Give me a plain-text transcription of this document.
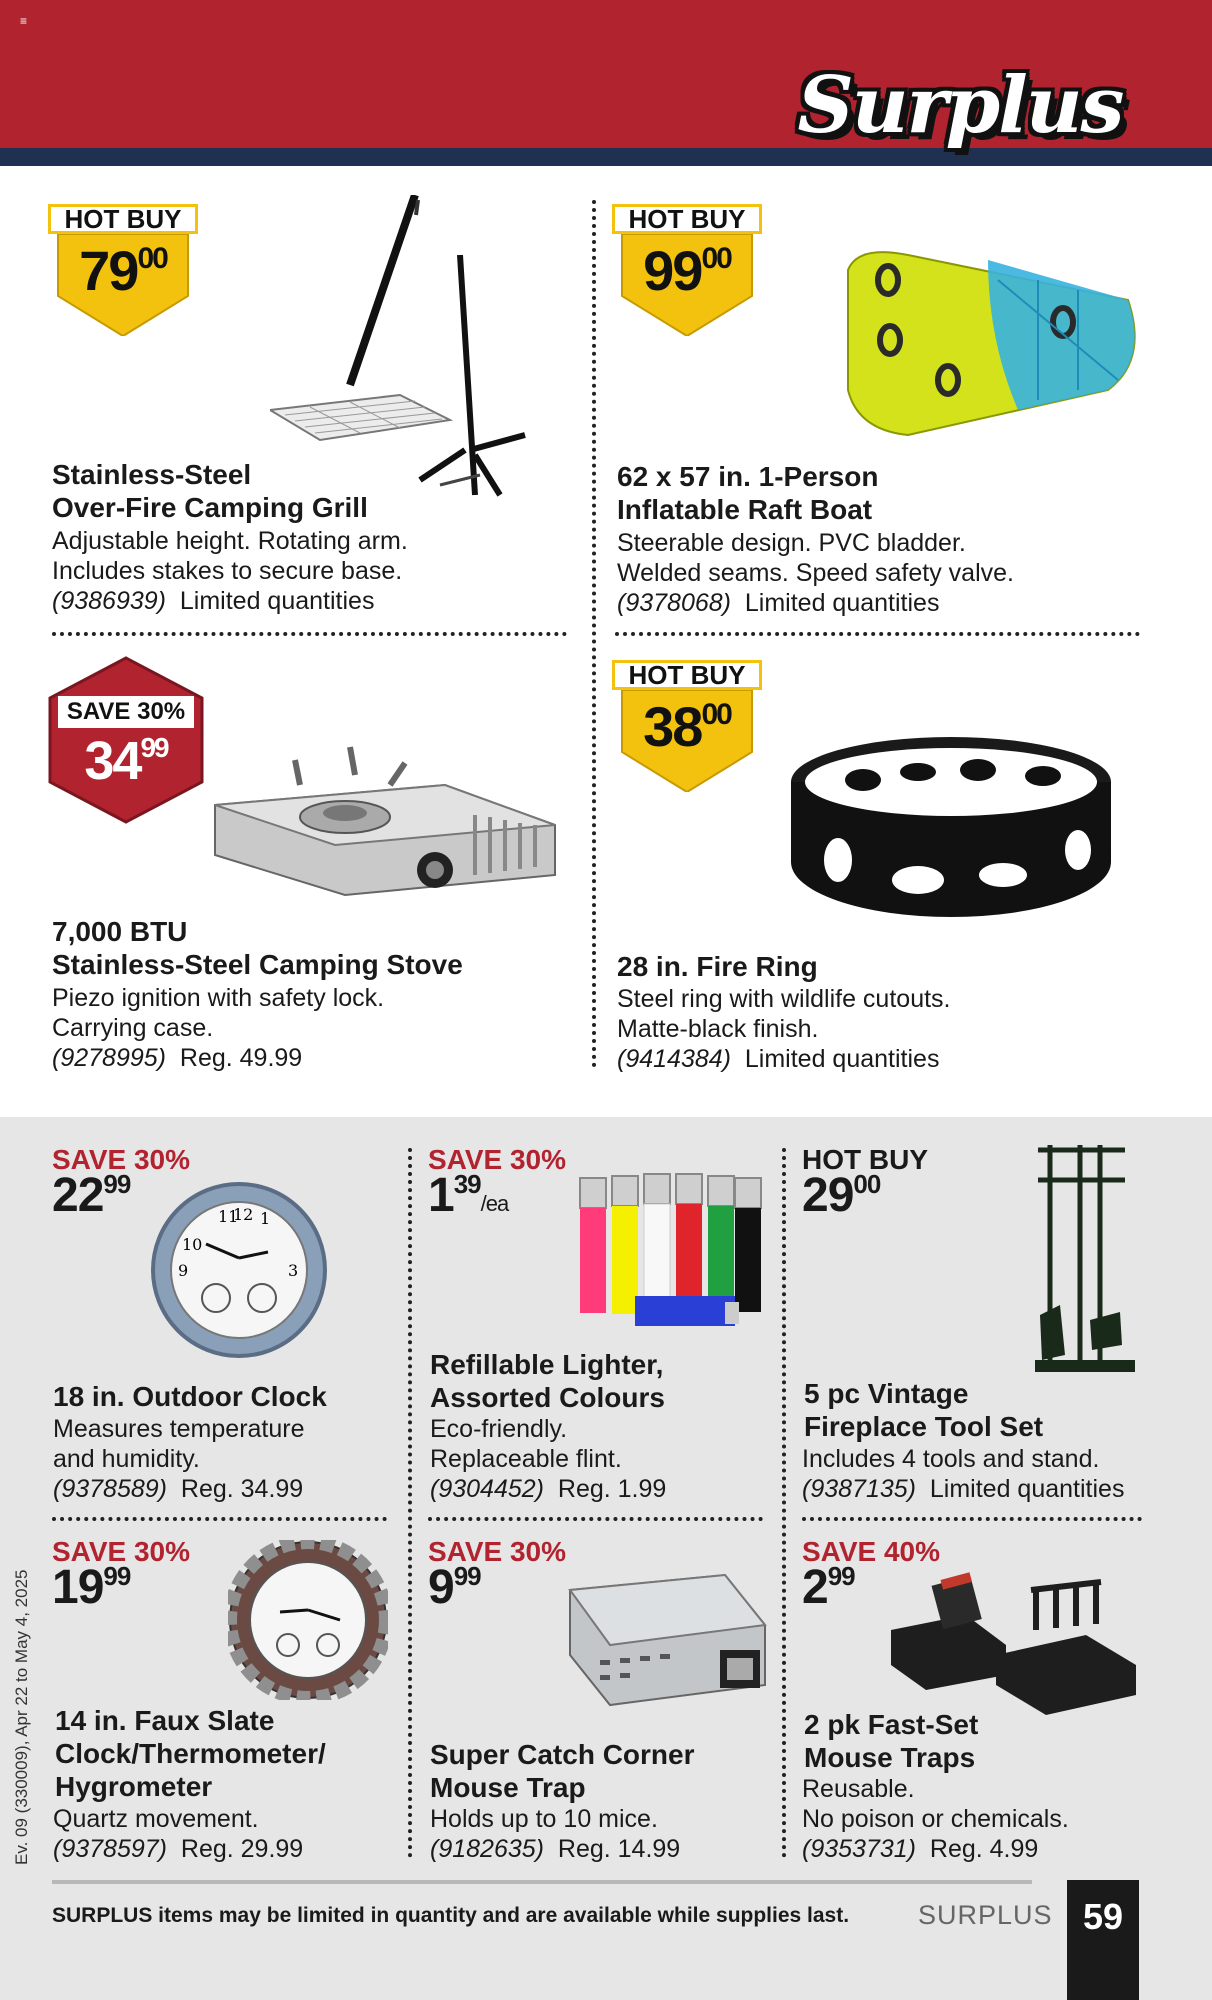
≡
Surplus
HOT BUY
$79^{00}$
Stainless-Steel
Over-Fire Camping Grill
Adjustable height. Rotating arm.
Includes stakes to secure base.
(9386939) Limited quantities
HOT BUY
$99^{00}$
62 x 57 in. 1-Person
Inflatable Raft Boat
Steerable design. PVC bladder.
Welded seams. Speed safety valve.
(9378068) Limited quantities
SAVE 30%
$34^{99}$
7,000 BTU
Stainless-Steel Camping Stove
Piezo ignition with safety lock.
Carrying case.
(9278995) Reg. 49.99
HOT BUY
$38^{00}$
28 in. Fire Ring
Steel ring with wildlife cutouts.
Matte-black finish.
(9414384) Limited quantities
SAVE 30%
$22^{99}$
11
12 1
10
3
9
18 in. Outdoor Clock
Measures temperature
and humidity.
(9378589) Reg. 34.99
SAVE 30%
$1^{39}/ea$
Refillable Lighter,
Assorted Colours
Eco-friendly.
Replaceable flint.
(9304452) Reg. 1.99
HOT BUY
$29^{00}$
5 pc Vintage
Fireplace Tool Set
Includes 4 tools and stand.
(9387135) Limited quantities
SAVE 30%
$19^{99}$
14 in. Faux Slate
Clock/Thermometer/
Hygrometer
Quartz movement.
(9378597) Reg. 29.99
SAVE 30%
$9^{99}$
Super Catch Corner
Mouse Trap
Holds up to 10 mice.
(9182635) Reg. 14.99
SAVE 40%
$2^{99}$
2 pk Fast-Set
Mouse Traps
Reusable.
No poison or chemicals.
(9353731) Reg. 4.99
Ev. 09 (330009), Apr 22 to May 4, 2025
SURPLUS items may be limited in quantity and are available while supplies last.	SURPLUS 59
